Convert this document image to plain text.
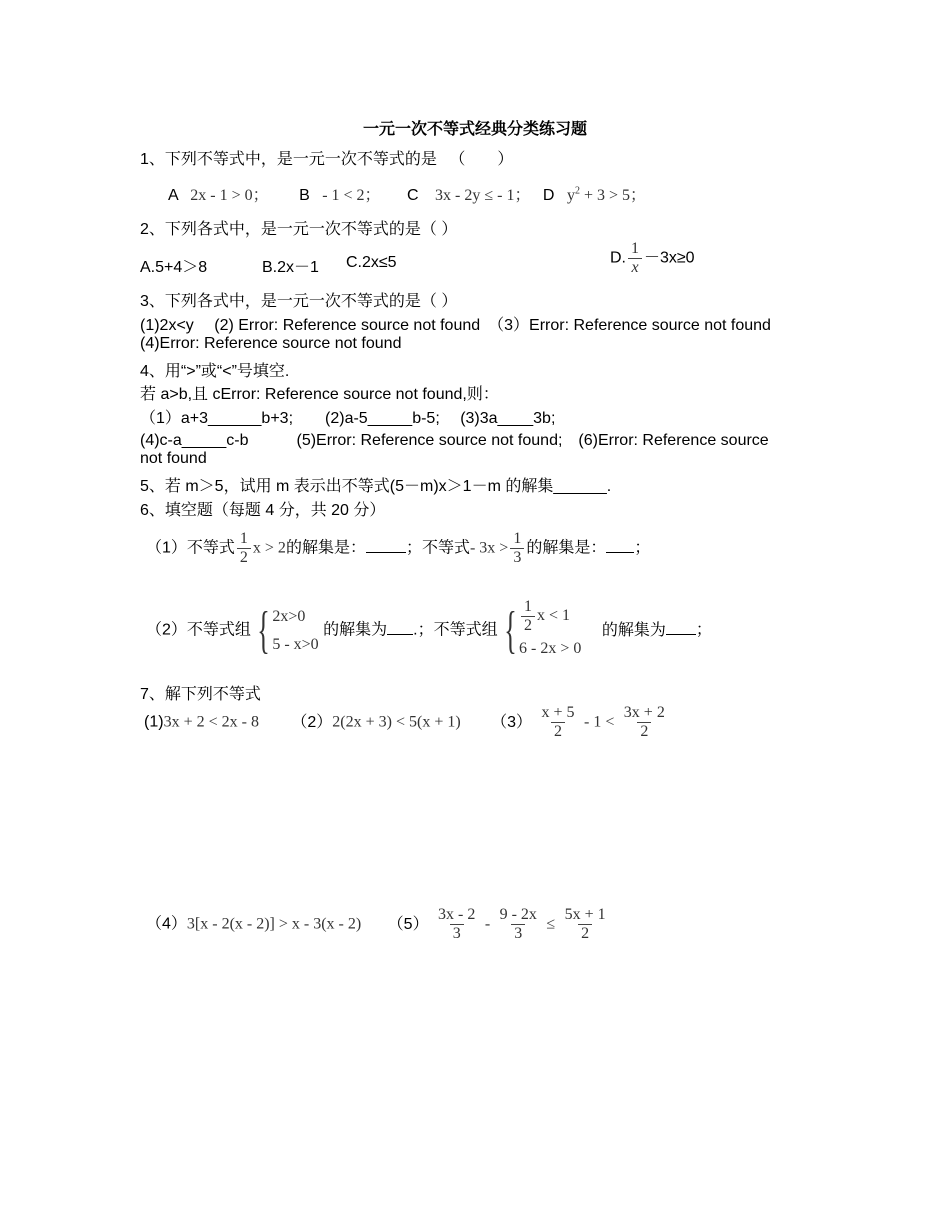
一元一次不等式经典分类练习题
1、下列不等式中，是一元一次不等式的是 　（　　）
A 2x - 1 > 0； B - 1 < 2； C 3x - 2y ≤ - 1； D $y^2 + 3 > 5$；
2、下列各式中，是一元一次不等式的是（ ）
A.5+4＞8	B.2x－1 C.2x≤5	D. $\frac{1}{x} -3x\ge 0$
3、下列各式中，是一元一次不等式的是（ ）
(1)2x<y　 (2) Error: Reference source not found　（3）Error: Reference source not found
(4)Error: Reference source not found
4、用“>”或“<”号填空.
若 a>b,且 cError: Reference source not found,则：
（1）a+3______b+3;　　(2)a-5_____b-5;　 (3)3a____3b;
(4)c-a_____c-b　　　(5)Error: Reference source not found;　(6)Error: Reference source
not found
5、若 m＞5，试用 m 表示出不等式(5－m)x＞1－m 的解集______.
6、填空题（每题 4 分，共 20 分）
（1）不等式 $\frac{1}{2}$ x > 2的解集是：	；不等式- $3x > \frac{1}{3}$ 的解集是： ；
（2）不等式组 { 2x>0
5 - x>0
的解集为 .；不等式组 { $\frac{1}{2}$ x < 1
6 - 2x > 0
的解集为 ；
7、解下列不等式
(1)3x + 2 < 2x - 8 （2）2(2x + 3) < 5(x + 1) $(3) \frac{x + 5}{2} - 1 < \frac{3x + 2}{2}$
（4）3[x - 2(x - 2)] > x - 3(x - 2) $(5) \frac{3x - 2}{3} - \frac{9 - 2x}{3} \le \frac{5x + 1}{2}$
